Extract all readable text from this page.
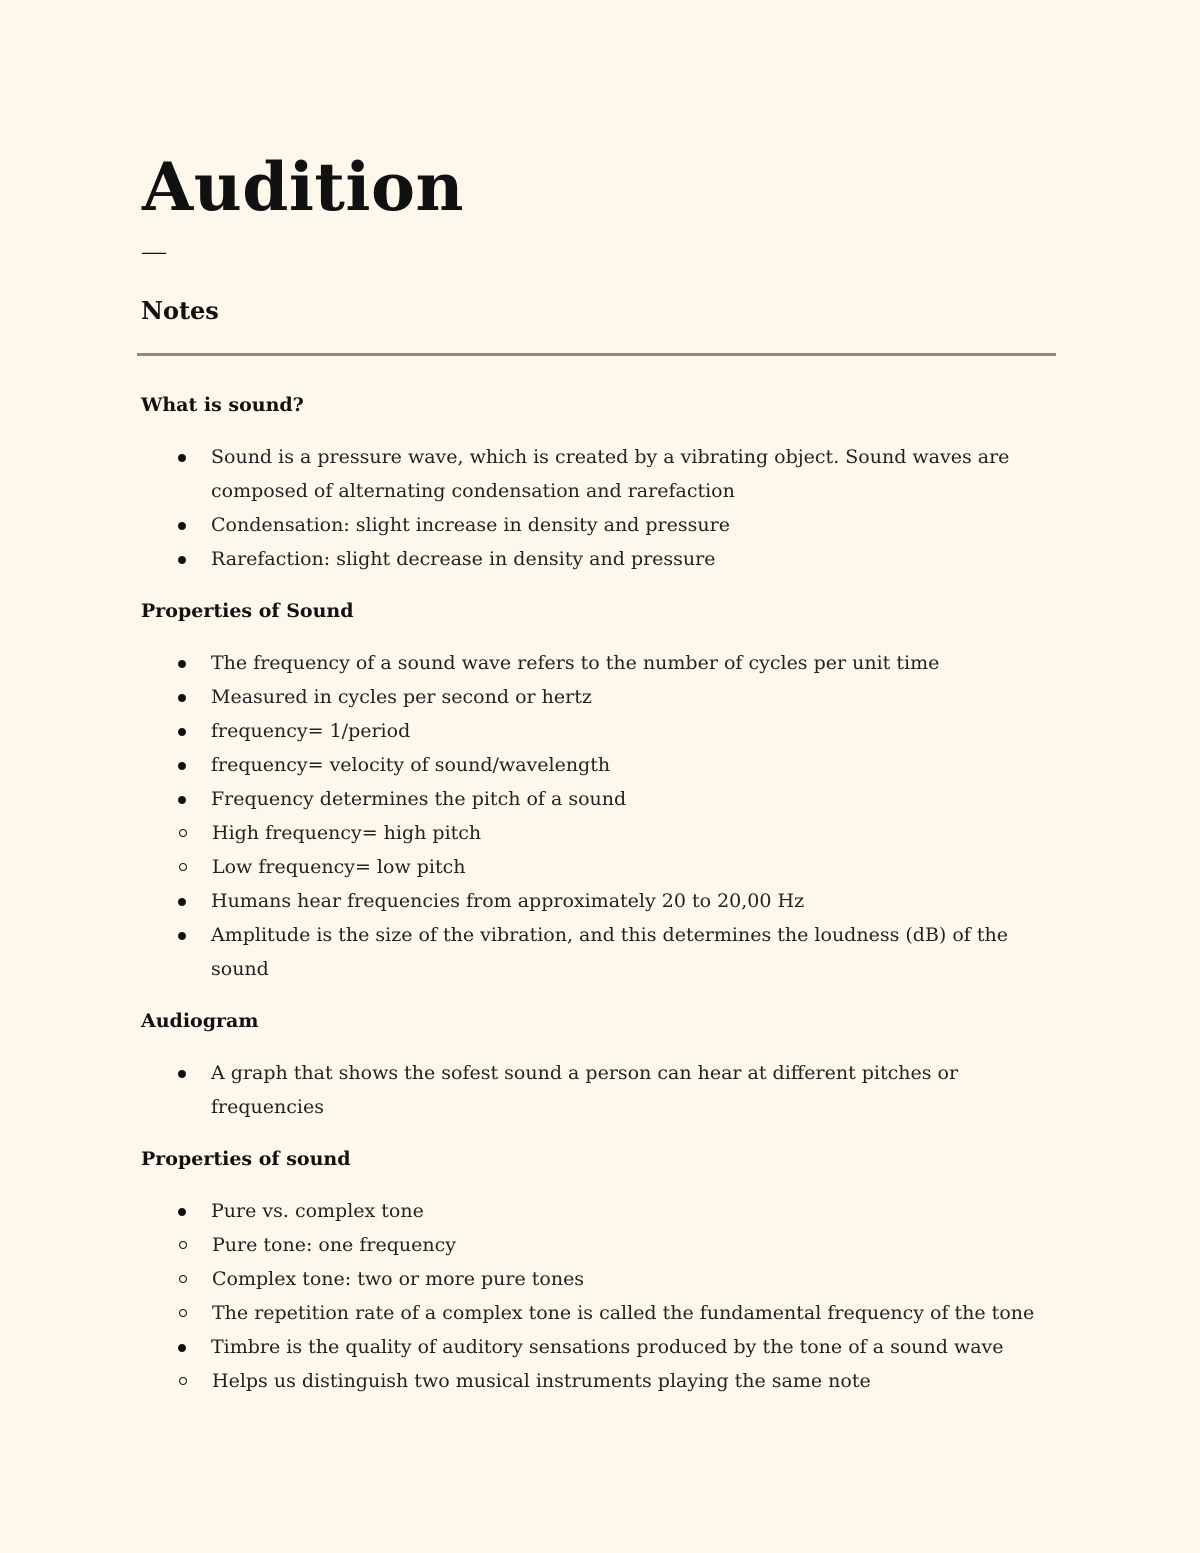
Audition
—
Notes
What is sound?
Sound is a pressure wave, which is created by a vibrating object. Sound waves are composed of alternating condensation and rarefaction
Condensation: slight increase in density and pressure
Rarefaction: slight decrease in density and pressure
Properties of Sound
The frequency of a sound wave refers to the number of cycles per unit time
Measured in cycles per second or hertz
frequency= 1/period
frequency= velocity of sound/wavelength
Frequency determines the pitch of a sound
High frequency= high pitch
Low frequency= low pitch
Humans hear frequencies from approximately 20 to 20,00 Hz
Amplitude is the size of the vibration, and this determines the loudness (dB) of the sound
Audiogram
A graph that shows the sofest sound a person can hear at different pitches or frequencies
Properties of sound
Pure vs. complex tone
Pure tone: one frequency
Complex tone: two or more pure tones
The repetition rate of a complex tone is called the fundamental frequency of the tone
Timbre is the quality of auditory sensations produced by the tone of a sound wave
Helps us distinguish two musical instruments playing the same note
